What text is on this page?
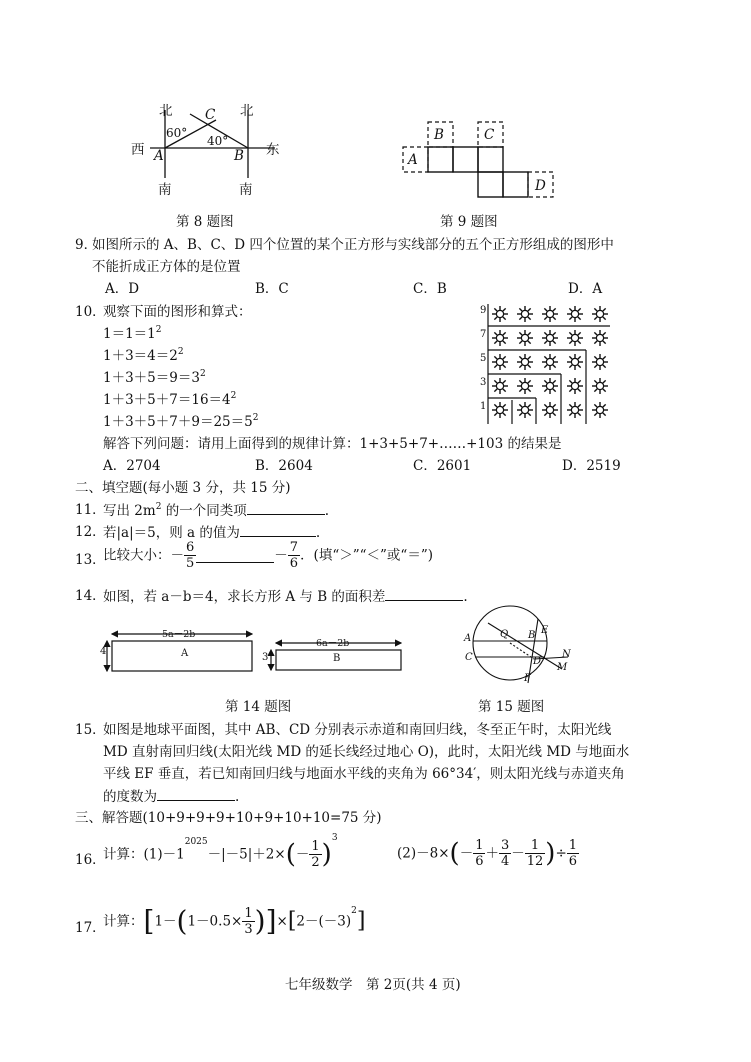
北	北
C
60°
40°
西 A	B 东
南	南
第 8 题图
A
B	C
D
第 9 题图
9．
如图所示的 A、B、C、D 四个位置的某个正方形与实线部分的五个正方形组成的图形中
不能折成正方体的是位置
A．D	B．C	C．B	D．A
10．
观察下面的图形和算式：
$1=1=1^2$
$1+3=4=2^2$
$1+3+5=9=3^2$
$1+3+5+7=16=4^2$
$1+3+5+7+9=25=5^2$
9
7
5
3
1
解答下列问题：请用上面得到的规律计算：1+3+5+7+……+103 的结果是
A．2704	B．2604	C．2601	D．2519
二、填空题(每小题 3 分，共 15 分)
11．
写出 $2m^2$ 的一个同类项	.
12．
若|a|＝5，则 a 的值为	.
13．
比较大小：－ $\frac{6}{5}$	－ $\frac{7}{6}$ ．(填“＞”“＜”或“＝”)
14．
如图，若 a－b＝4，求长方形 A 与 B 的面积差	.
5a－2b
4	A
6a－2b
3	B
第 14 题图
A	Q B E
C	D
N
M
F
第 15 题图
15．
如图是地球平面图，其中 AB、CD 分别表示赤道和南回归线，冬至正午时，太阳光线
MD 直射南回归线(太阳光线 MD 的延长线经过地心 O)，此时，太阳光线 MD 与地面水
平线 EF 垂直，若已知南回归线与地面水平线的夹角为 66°34′，则太阳光线与赤道夹角
的度数为	.
三、解答题(10+9+9+9+10+9+10+10=75 分)
16．
计算：$(1)-1^{2025}-|-5|+2\times(- \frac{1}{2} )^3$
$(2)-8\times(- \frac{1}{6} + \frac{3}{4} - \frac{1}{12}$ )÷ $\frac{1}{6}$
17．
计算：$[1-(1-0.5\times \frac{1}{3} )]\times[2-(-3)^2]$
七年级数学　第 2页(共 4 页)
